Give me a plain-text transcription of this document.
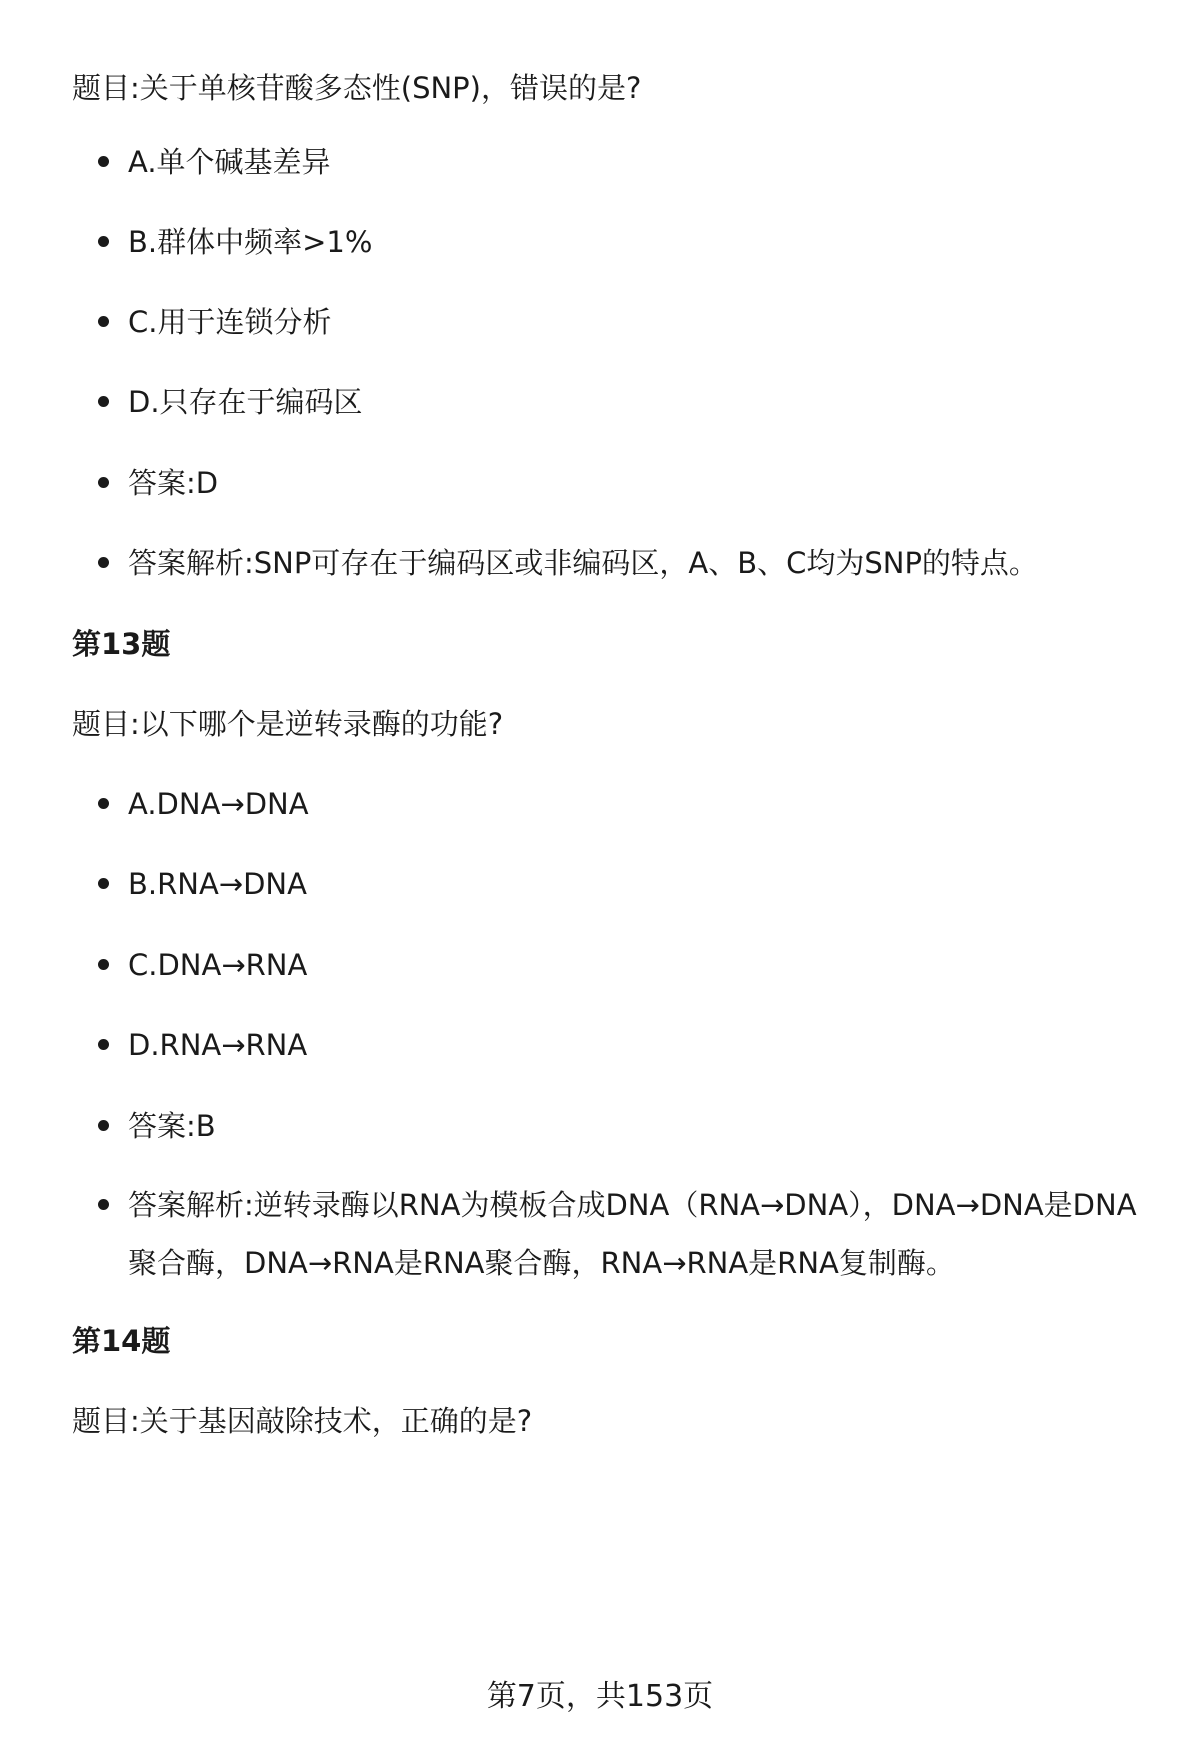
题目:关于单核苷酸多态性(SNP)，错误的是?
A.单个碱基差异
B.群体中频率>1%
C.用于连锁分析
D.只存在于编码区
答案:D
答案解析:SNP可存在于编码区或非编码区，A、B、C均为SNP的特点。
第13题
题目:以下哪个是逆转录酶的功能?
A.DNA→DNA
B.RNA→DNA
C.DNA→RNA
D.RNA→RNA
答案:B
答案解析:逆转录酶以RNA为模板合成DNA（RNA→DNA），DNA→DNA是DNA聚合酶，DNA→RNA是RNA聚合酶，RNA→RNA是RNA复制酶。
第14题
题目:关于基因敲除技术，正确的是?
第7页，共153页
